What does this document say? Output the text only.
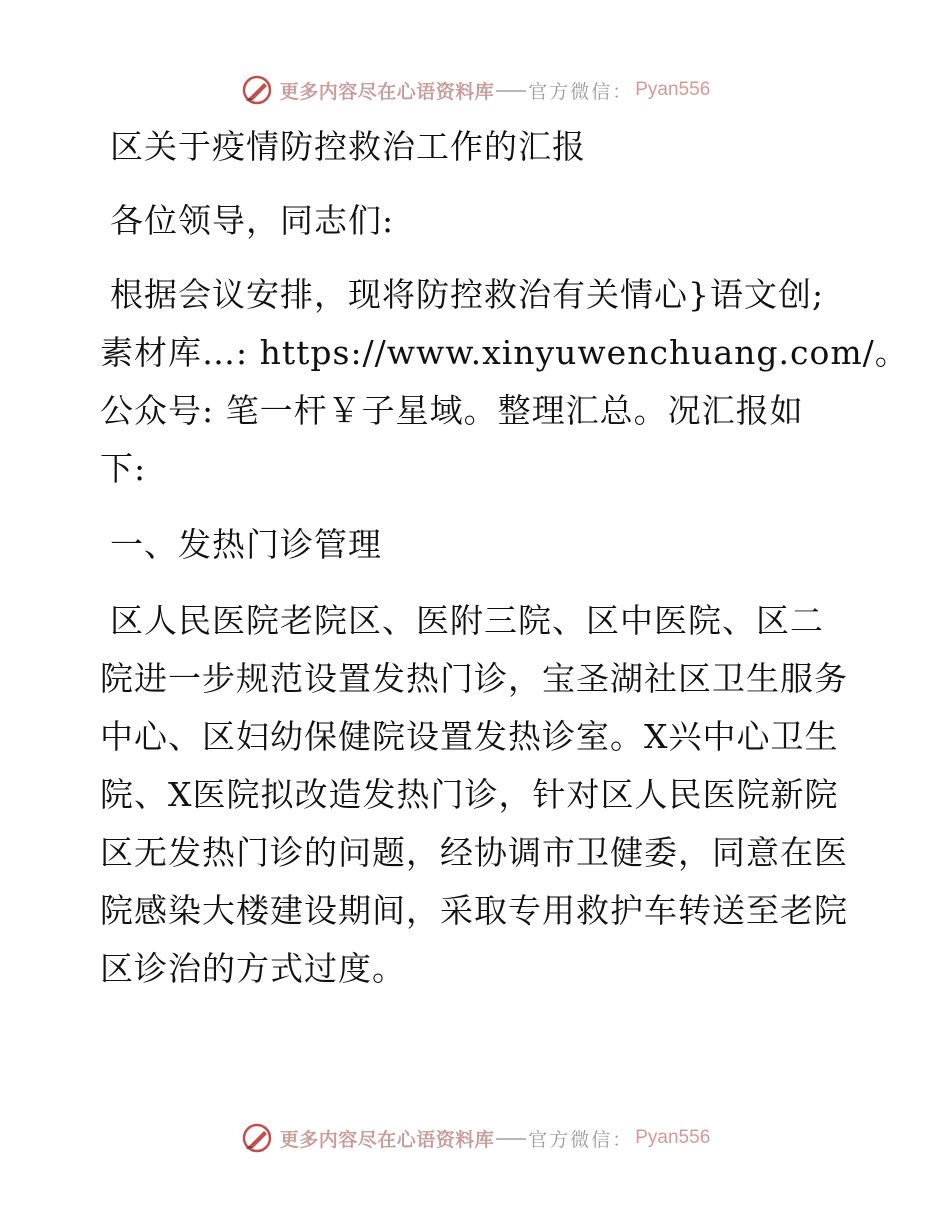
更多内容尽在心语资料库 官方微信： Pyan556
区关于疫情防控救治工作的汇报
各位领导，同志们:
根据会议安排，现将防控救治有关情心}语文创;
素材库…: https://www.xinyuwenchuang.com/。
公众号: 笔一杆￥子星域。整理汇总。况汇报如
下:
一、发热门诊管理
区人民医院老院区、医附三院、区中医院、区二
院进一步规范设置发热门诊，宝圣湖社区卫生服务
中心、区妇幼保健院设置发热诊室。X兴中心卫生
院、X医院拟改造发热门诊，针对区人民医院新院
区无发热门诊的问题，经协调市卫健委，同意在医
院感染大楼建设期间，采取专用救护车转送至老院
区诊治的方式过度。
更多内容尽在心语资料库 官方微信： Pyan556
